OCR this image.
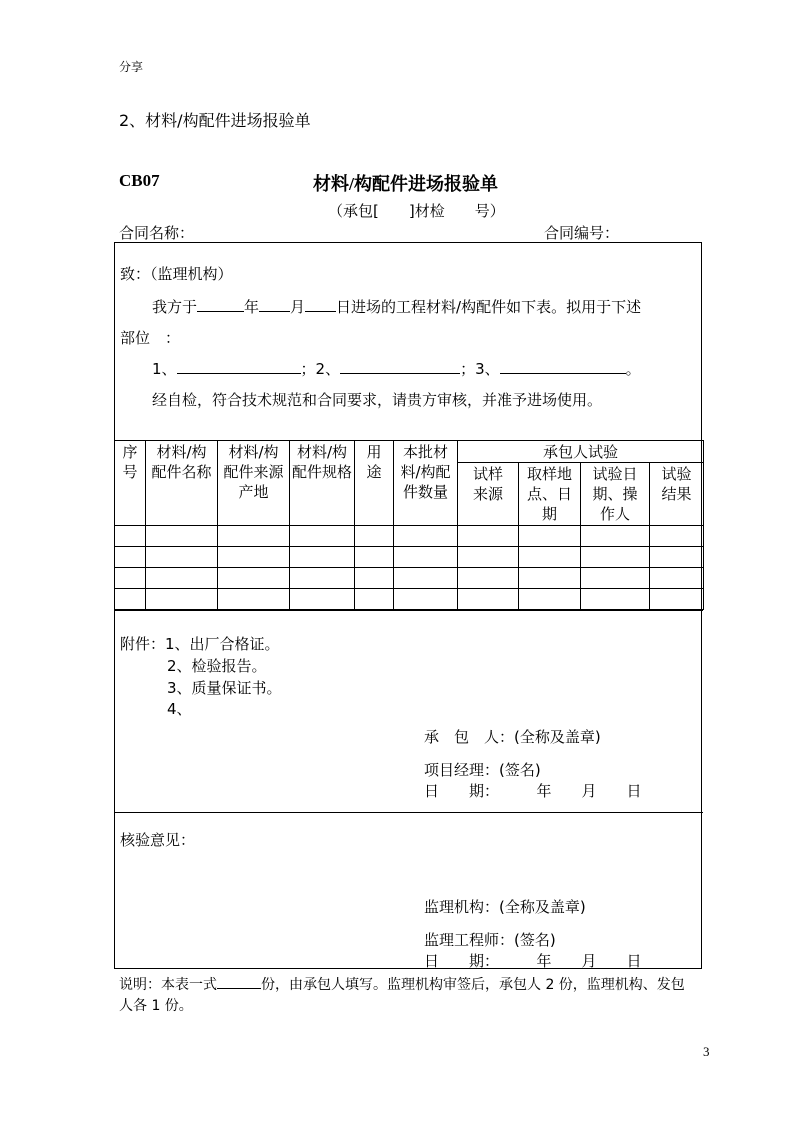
分享
2、材料/构配件进场报验单
CB07	材料/构配件进场报验单
（承包[　　]材检　　号）
合同名称：	合同编号：
致：（监理机构）
我方于	年 月 日进场的工程材料/构配件如下表。拟用于下述
部位　：
1、	；2、	；3、	。
经自检，符合技术规范和合同要求，请贵方审核，并准予进场使用。
序号	材料/构配件名称	材料/构配件来源产地	材料/构配件规格	用途	本批材料/构配件数量	承包人试验			

						试样来源	取样地点、日期	试验日期、操作人	试验结果

附件：1、出厂合格证。
2、检验报告。
3、质量保证书。
4、
承　包　人：(全称及盖章)
项目经理：(签名)
日　　期：　　　年　　月　　日
核验意见：
监理机构：(全称及盖章)
监理工程师：(签名)
日　　期：　　　年　　月　　日
说明：本表一式	份，由承包人填写。监理机构审签后，承包人 2 份，监理机构、发包
人各 1 份。
3
